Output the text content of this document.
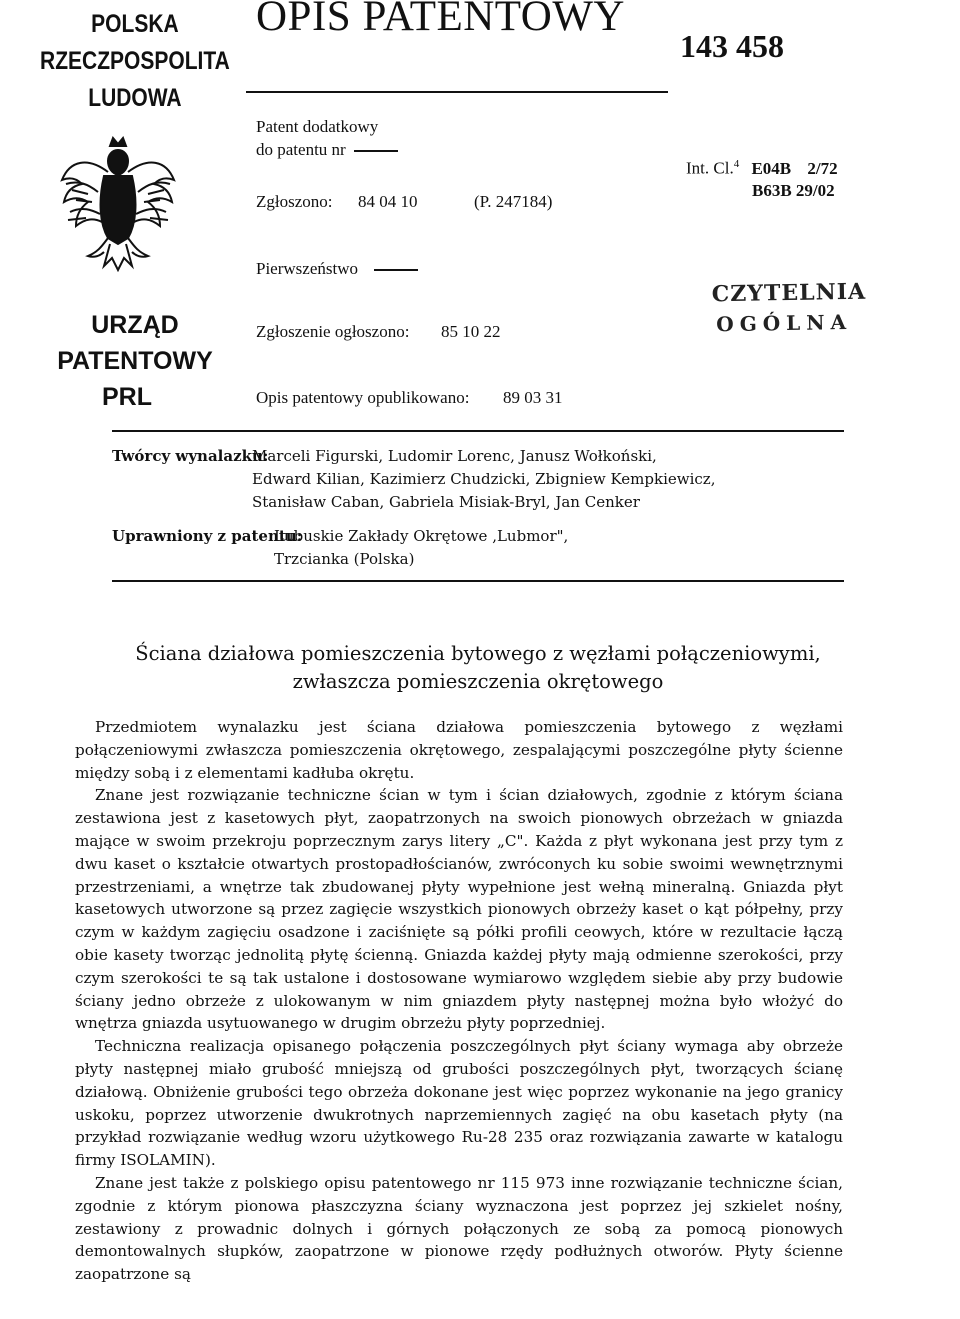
POLSKA
RZECZPOSPOLITA
LUDOWA
URZĄD
PATENTOWY
PRL
OPIS PATENTOWY
143 458
Patent dodatkowy
do patentu nr
Zgłoszono: 84 04 10	(P. 247184)
Pierwszeństwo
Zgłoszenie ogłoszono: 85 10 22
Opis patentowy opublikowano: 89 03 31
Int. Cl.$^4$ E04B 2/72
B63B 29/02
CZYTELNIA
OGÓLNA
Twórcy wynalazku:
Marceli Figurski, Ludomir Lorenc, Janusz Wołkoński,
Edward Kilian, Kazimierz Chudzicki, Zbigniew Kempkiewicz,
Stanisław Caban, Gabriela Misiak-Bryl, Jan Cenker
Uprawniony z patentu:
Lubuskie Zakłady Okrętowe ,Lubmor",
Trzcianka (Polska)
Ściana działowa pomieszczenia bytowego z węzłami połączeniowymi,
zwłaszcza pomieszczenia okrętowego

Przedmiotem wynalazku jest ściana działowa pomieszczenia bytowego z węzłami połączeniowymi zwłaszcza pomieszczenia okrętowego, zespalającymi poszczególne płyty ścienne między sobą i z elementami kadłuba okrętu.

Znane jest rozwiązanie techniczne ścian w tym i ścian działowych, zgodnie z którym ściana zestawiona jest z kasetowych płyt, zaopatrzonych na swoich pionowych obrzeżach w gniazda mające w swoim przekroju poprzecznym zarys litery „C". Każda z płyt wykonana jest przy tym z dwu kaset o kształcie otwartych prostopadłościanów, zwróconych ku sobie swoimi wewnętrznymi przestrzeniami, a wnętrze tak zbudowanej płyty wypełnione jest wełną mineralną. Gniazda płyt kasetowych utworzone są przez zagięcie wszystkich pionowych obrzeży kaset o kąt półpełny, przy czym w każdym zagięciu osadzone i zaciśnięte są półki profili ceowych, które w rezultacie łączą obie kasety tworząc jednolitą płytę ścienną. Gniazda każdej płyty mają odmienne szerokości, przy czym szerokości te są tak ustalone i dostosowane wymiarowo względem siebie aby przy budowie ściany jedno obrzeże z ulokowanym w nim gniazdem płyty następnej można było włożyć do wnętrza gniazda usytuowanego w drugim obrzeżu płyty poprzedniej.

Techniczna realizacja opisanego połączenia poszczególnych płyt ściany wymaga aby obrzeże płyty następnej miało grubość mniejszą od grubości poszczególnych płyt, tworzących ścianę działową. Obniżenie grubości tego obrzeża dokonane jest więc poprzez wykonanie na jego granicy uskoku, poprzez utworzenie dwukrotnych naprzemiennych zagięć na obu kasetach płyty (na przykład rozwiązanie według wzoru użytkowego Ru-28 235 oraz rozwiązania zawarte w katalogu firmy ISOLAMIN).

Znane jest także z polskiego opisu patentowego nr 115 973 inne rozwiązanie techniczne ścian, zgodnie z którym pionowa płaszczyzna ściany wyznaczona jest poprzez jej szkielet nośny, zestawiony z prowadnic dolnych i górnych połączonych ze sobą za pomocą pionowych demontowalnych słupków, zaopatrzone w pionowe rzędy podłużnych otworów. Płyty ścienne zaopatrzone są
